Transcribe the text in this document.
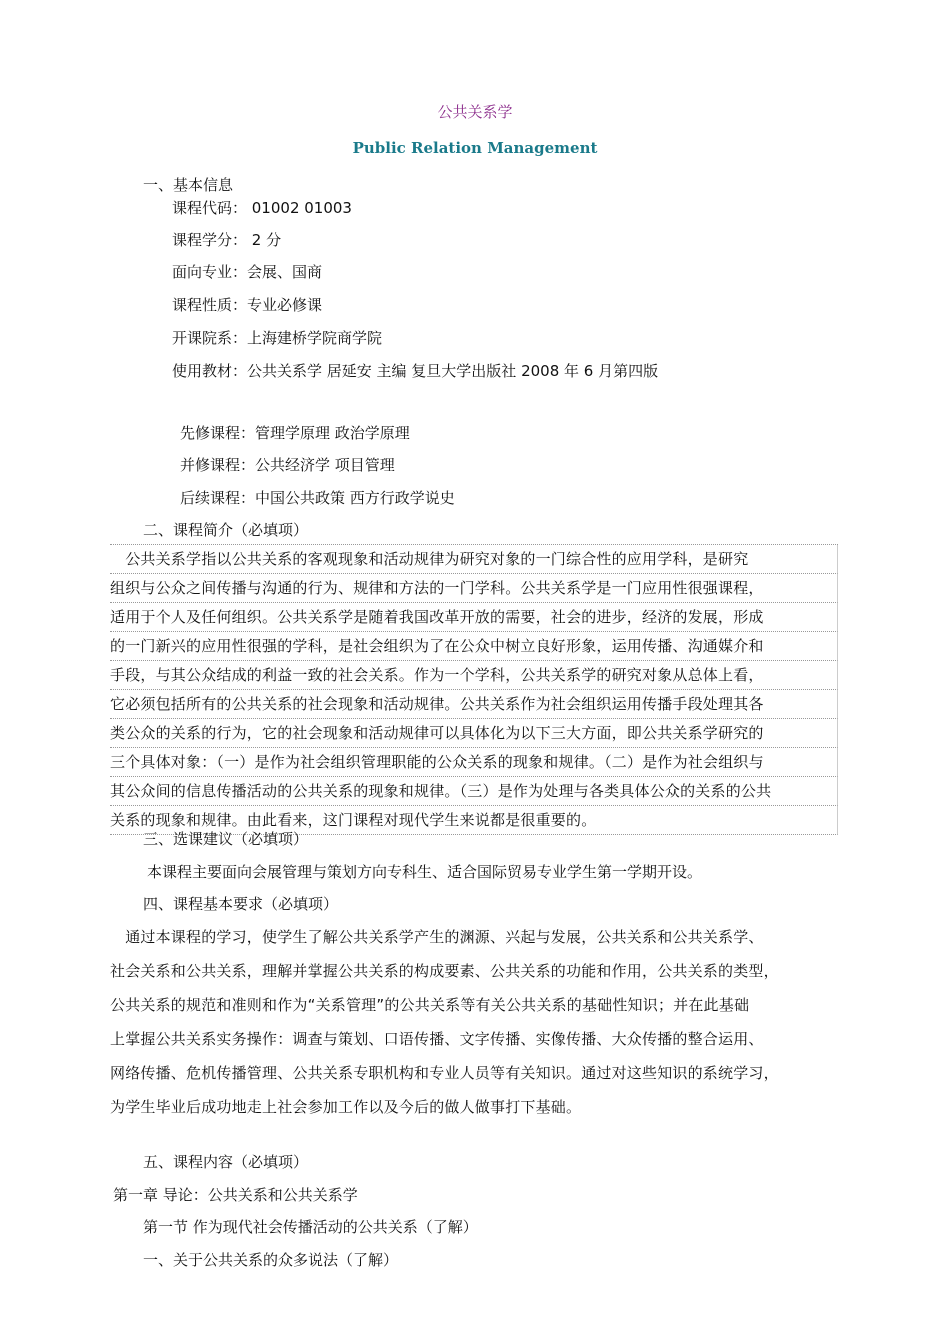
公共关系学
Public Relation Management
一、基本信息
课程代码： 01002 01003
课程学分： 2 分
面向专业：会展、国商
课程性质：专业必修课
开课院系：上海建桥学院商学院
使用教材：公共关系学 居延安 主编 复旦大学出版社 2008 年 6 月第四版
先修课程：管理学原理 政治学原理
并修课程：公共经济学 项目管理
后续课程：中国公共政策 西方行政学说史
二、课程简介（必填项）
　公共关系学指以公共关系的客观现象和活动规律为研究对象的一门综合性的应用学科，是研究
组织与公众之间传播与沟通的行为、规律和方法的一门学科。公共关系学是一门应用性很强课程，
适用于个人及任何组织。公共关系学是随着我国改革开放的需要，社会的进步，经济的发展，形成
的一门新兴的应用性很强的学科，是社会组织为了在公众中树立良好形象，运用传播、沟通媒介和
手段，与其公众结成的利益一致的社会关系。作为一个学科，公共关系学的研究对象从总体上看，
它必须包括所有的公共关系的社会现象和活动规律。公共关系作为社会组织运用传播手段处理其各
类公众的关系的行为，它的社会现象和活动规律可以具体化为以下三大方面，即公共关系学研究的
三个具体对象：（一）是作为社会组织管理职能的公众关系的现象和规律。（二）是作为社会组织与
其公众间的信息传播活动的公共关系的现象和规律。（三）是作为处理与各类具体公众的关系的公共
关系的现象和规律。由此看来，这门课程对现代学生来说都是很重要的。
三、选课建议（必填项）
本课程主要面向会展管理与策划方向专科生、适合国际贸易专业学生第一学期开设。
四、课程基本要求（必填项）
　通过本课程的学习，使学生了解公共关系学产生的渊源、兴起与发展，公共关系和公共关系学、
社会关系和公共关系，理解并掌握公共关系的构成要素、公共关系的功能和作用，公共关系的类型，
公共关系的规范和准则和作为“关系管理”的公共关系等有关公共关系的基础性知识；并在此基础
上掌握公共关系实务操作：调查与策划、口语传播、文字传播、实像传播、大众传播的整合运用、
网络传播、危机传播管理、公共关系专职机构和专业人员等有关知识。通过对这些知识的系统学习，
为学生毕业后成功地走上社会参加工作以及今后的做人做事打下基础。
五、课程内容（必填项）
第一章 导论：公共关系和公共关系学
第一节 作为现代社会传播活动的公共关系（了解）
一、关于公共关系的众多说法（了解）
